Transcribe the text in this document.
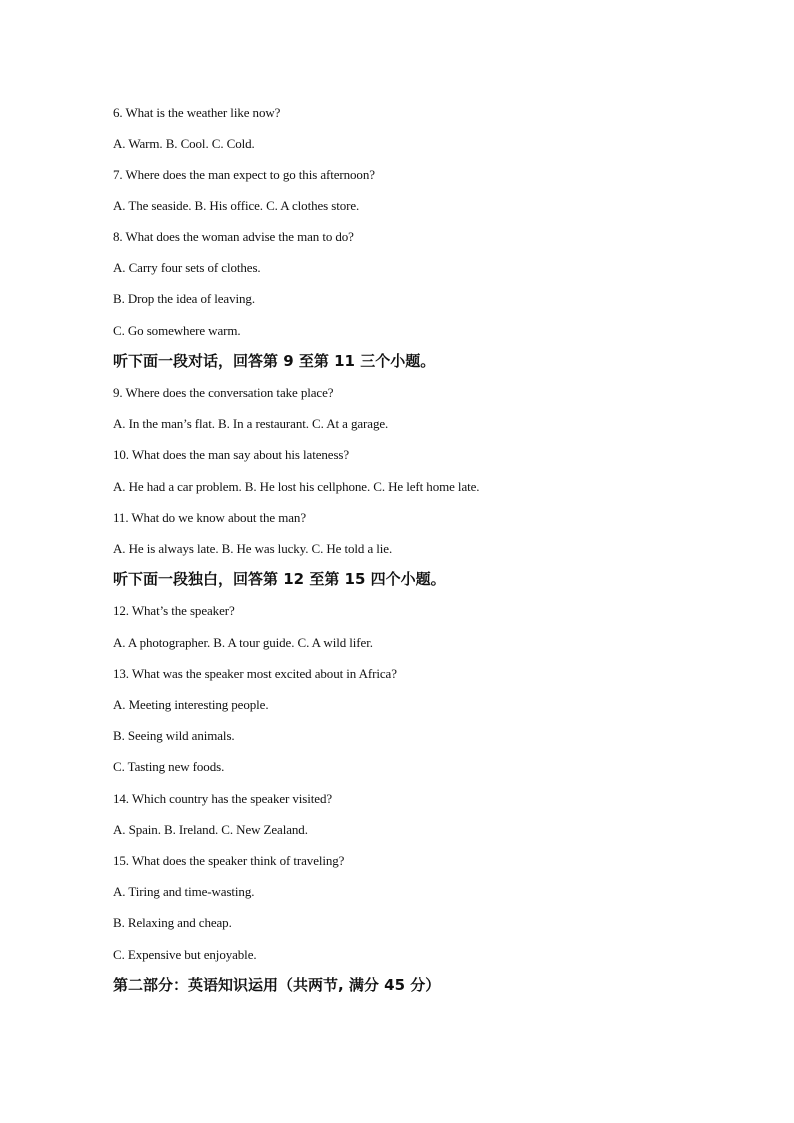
6. What is the weather like now?
A. Warm. B. Cool. C. Cold.
7. Where does the man expect to go this afternoon?
A. The seaside. B. His office. C. A clothes store.
8. What does the woman advise the man to do?
A. Carry four sets of clothes.
B. Drop the idea of leaving.
C. Go somewhere warm.
听下面一段对话，回答第 9 至第 11 三个小题。
9. Where does the conversation take place?
A. In the man’s flat. B. In a restaurant. C. At a garage.
10. What does the man say about his lateness?
A. He had a car problem. B. He lost his cellphone. C. He left home late.
11. What do we know about the man?
A. He is always late. B. He was lucky. C. He told a lie.
听下面一段独白，回答第 12 至第 15 四个小题。
12. What’s the speaker?
A. A photographer. B. A tour guide. C. A wild lifer.
13. What was the speaker most excited about in Africa?
A. Meeting interesting people.
B. Seeing wild animals.
C. Tasting new foods.
14. Which country has the speaker visited?
A. Spain. B. Ireland. C. New Zealand.
15. What does the speaker think of traveling?
A. Tiring and time-wasting.
B. Relaxing and cheap.
C. Expensive but enjoyable.
第二部分：英语知识运用（共两节, 满分 45 分）
